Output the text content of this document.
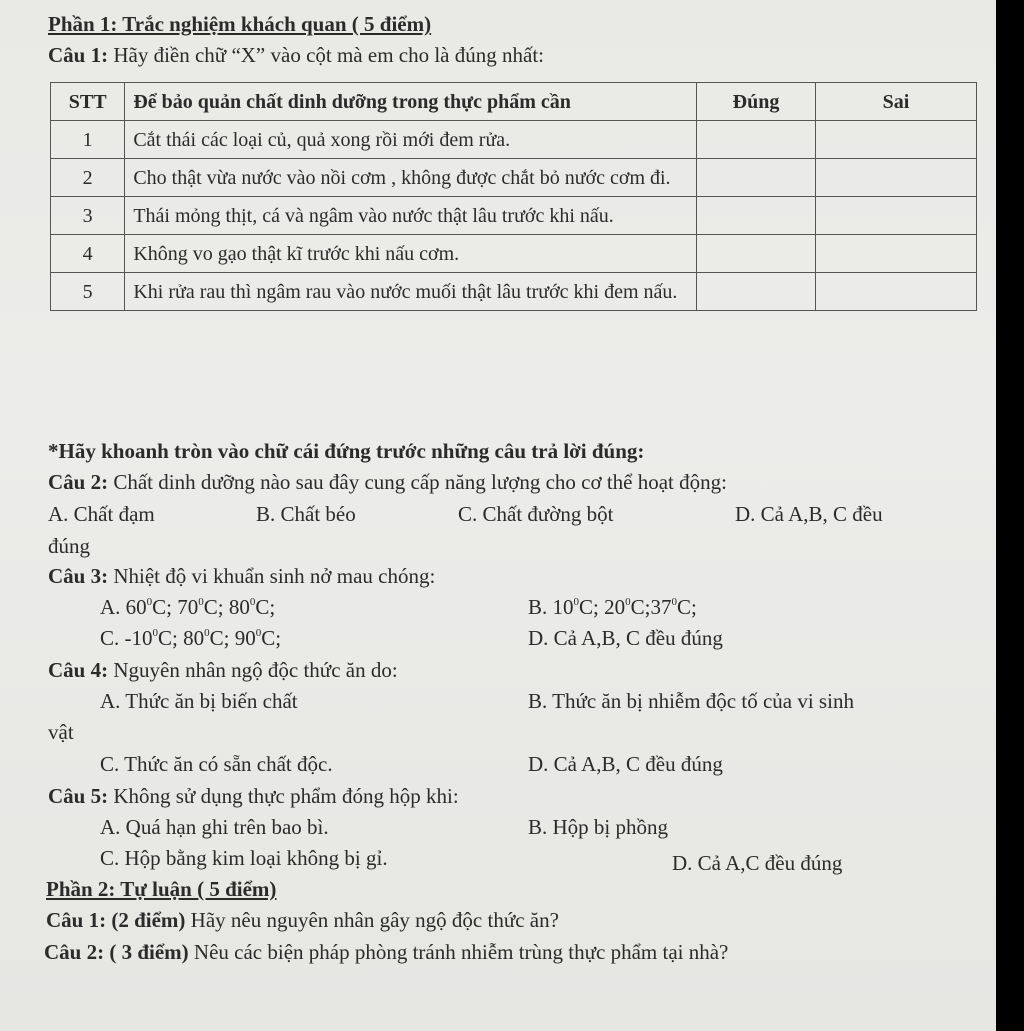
Phần 1: Trắc nghiệm khách quan ( 5 điểm)
Câu 1: Hãy điền chữ “X” vào cột mà em cho là đúng nhất:
STT	Để bảo quản chất dinh dưỡng trong thực phẩm cần	Đúng	Sai
1	Cắt thái các loại củ, quả xong rồi mới đem rửa.		
2	Cho thật vừa nước vào nồi cơm , không được chắt bỏ nước cơm đi.		
3	Thái mỏng thịt, cá và ngâm vào nước thật lâu trước khi nấu.		
4	Không vo gạo thật kĩ trước khi nấu cơm.		
5	Khi rửa rau thì ngâm rau vào nước muối thật lâu trước khi đem nấu.		
*Hãy khoanh tròn vào chữ cái đứng trước những câu trả lời đúng:
Câu 2: Chất dinh dưỡng nào sau đây cung cấp năng lượng cho cơ thể hoạt động:
A. Chất đạm	B. Chất béo	C. Chất đường bột	D. Cả A,B, C đều
đúng
Câu 3: Nhiệt độ vi khuẩn sinh nở mau chóng:
A. $60^0C$; $70^0C$; $80^0C$;	B. $10^0C$; $20^0C;37^0C$;
C. $-10^0C$; $80^0C$; $90^0C$;	D. Cả A,B, C đều đúng
Câu 4: Nguyên nhân ngộ độc thức ăn do:
A. Thức ăn bị biến chất	B. Thức ăn bị nhiễm độc tố của vi sinh
vật
C. Thức ăn có sẵn chất độc.	D. Cả A,B, C đều đúng
Câu 5: Không sử dụng thực phẩm đóng hộp khi:
A. Quá hạn ghi trên bao bì.	B. Hộp bị phồng
C. Hộp bằng kim loại không bị gỉ.	D. Cả A,C đều đúng
Phần 2: Tự luận ( 5 điểm)
Câu 1: (2 điểm) Hãy nêu nguyên nhân gây ngộ độc thức ăn?
Câu 2: ( 3 điểm) Nêu các biện pháp phòng tránh nhiễm trùng thực phẩm tại nhà?
